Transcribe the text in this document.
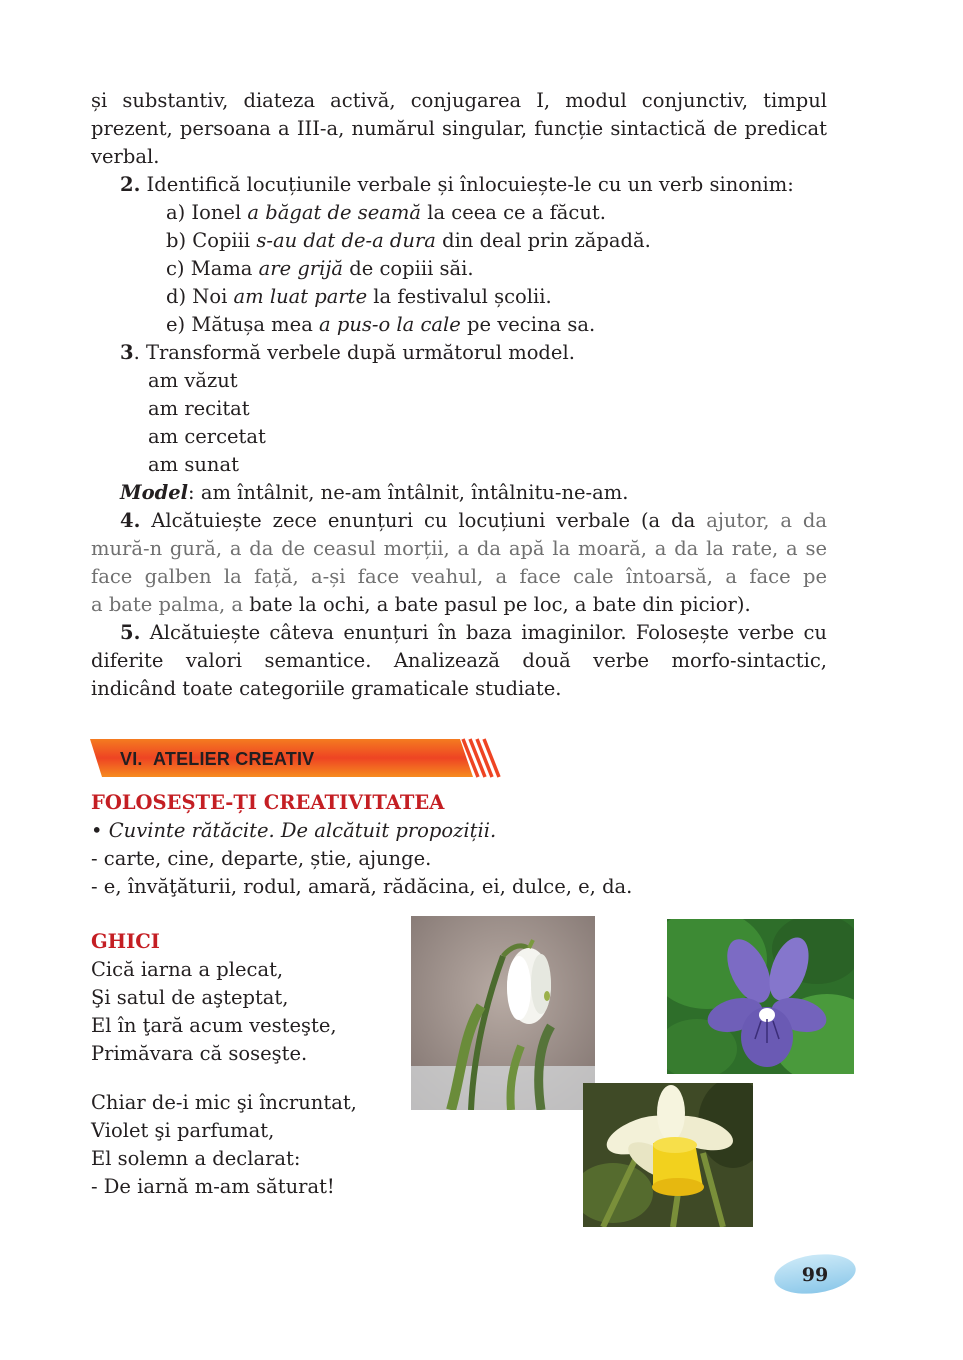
și substantiv, diateza activă, conjugarea I, modul conjunctiv, timpul
prezent, persoana a III-a, numărul singular, funcție sintactică de predicat
verbal.
2. Identifică locuțiunile verbale și înlocuiește-le cu un verb sinonim:
a) Ionel a băgat de seamă la ceea ce a făcut.
b) Copiii s-au dat de-a dura din deal prin zăpadă.
c) Mama are grijă de copiii săi.
d) Noi am luat parte la festivalul școlii.
e) Mătușa mea a pus-o la cale pe vecina sa.
3. Transformă verbele după următorul model.
am văzut
am recitat
am cercetat
am sunat
Model: am întâlnit, ne-am întâlnit, întâlnitu-ne-am.
4. Alcătuiește zece enunțuri cu locuțiuni verbale (a da ajutor, a da
mură-n gură, a da de ceasul morții, a da apă la moară, a da la rate, a se
face galben la față, a-și face veahul, a face cale întoarsă, a face pe
a bate palma, a bate la ochi, a bate pasul pe loc, a bate din picior).
5. Alcătuiește câteva enunțuri în baza imaginilor. Folosește verbe cu
diferite valori semantice. Analizează două verbe morfo-sintactic,
indicând toate categoriile gramaticale studiate.
VI. ATELIER CREATIV
FOLOSEȘTE-ȚI CREATIVITATEA
• Cuvinte rătăcite. De alcătuit propoziții.
- carte, cine, departe, știe, ajunge.
- e, învăţăturii, rodul, amară, rădăcina, ei, dulce, e, da.
GHICI
Cică iarna a plecat,
Şi satul de aşteptat,
El în ţară acum vesteşte,
Primăvara că soseşte.
Chiar de-i mic şi încruntat,
Violet şi parfumat,
El solemn a declarat:
- De iarnă m-am săturat!
99
